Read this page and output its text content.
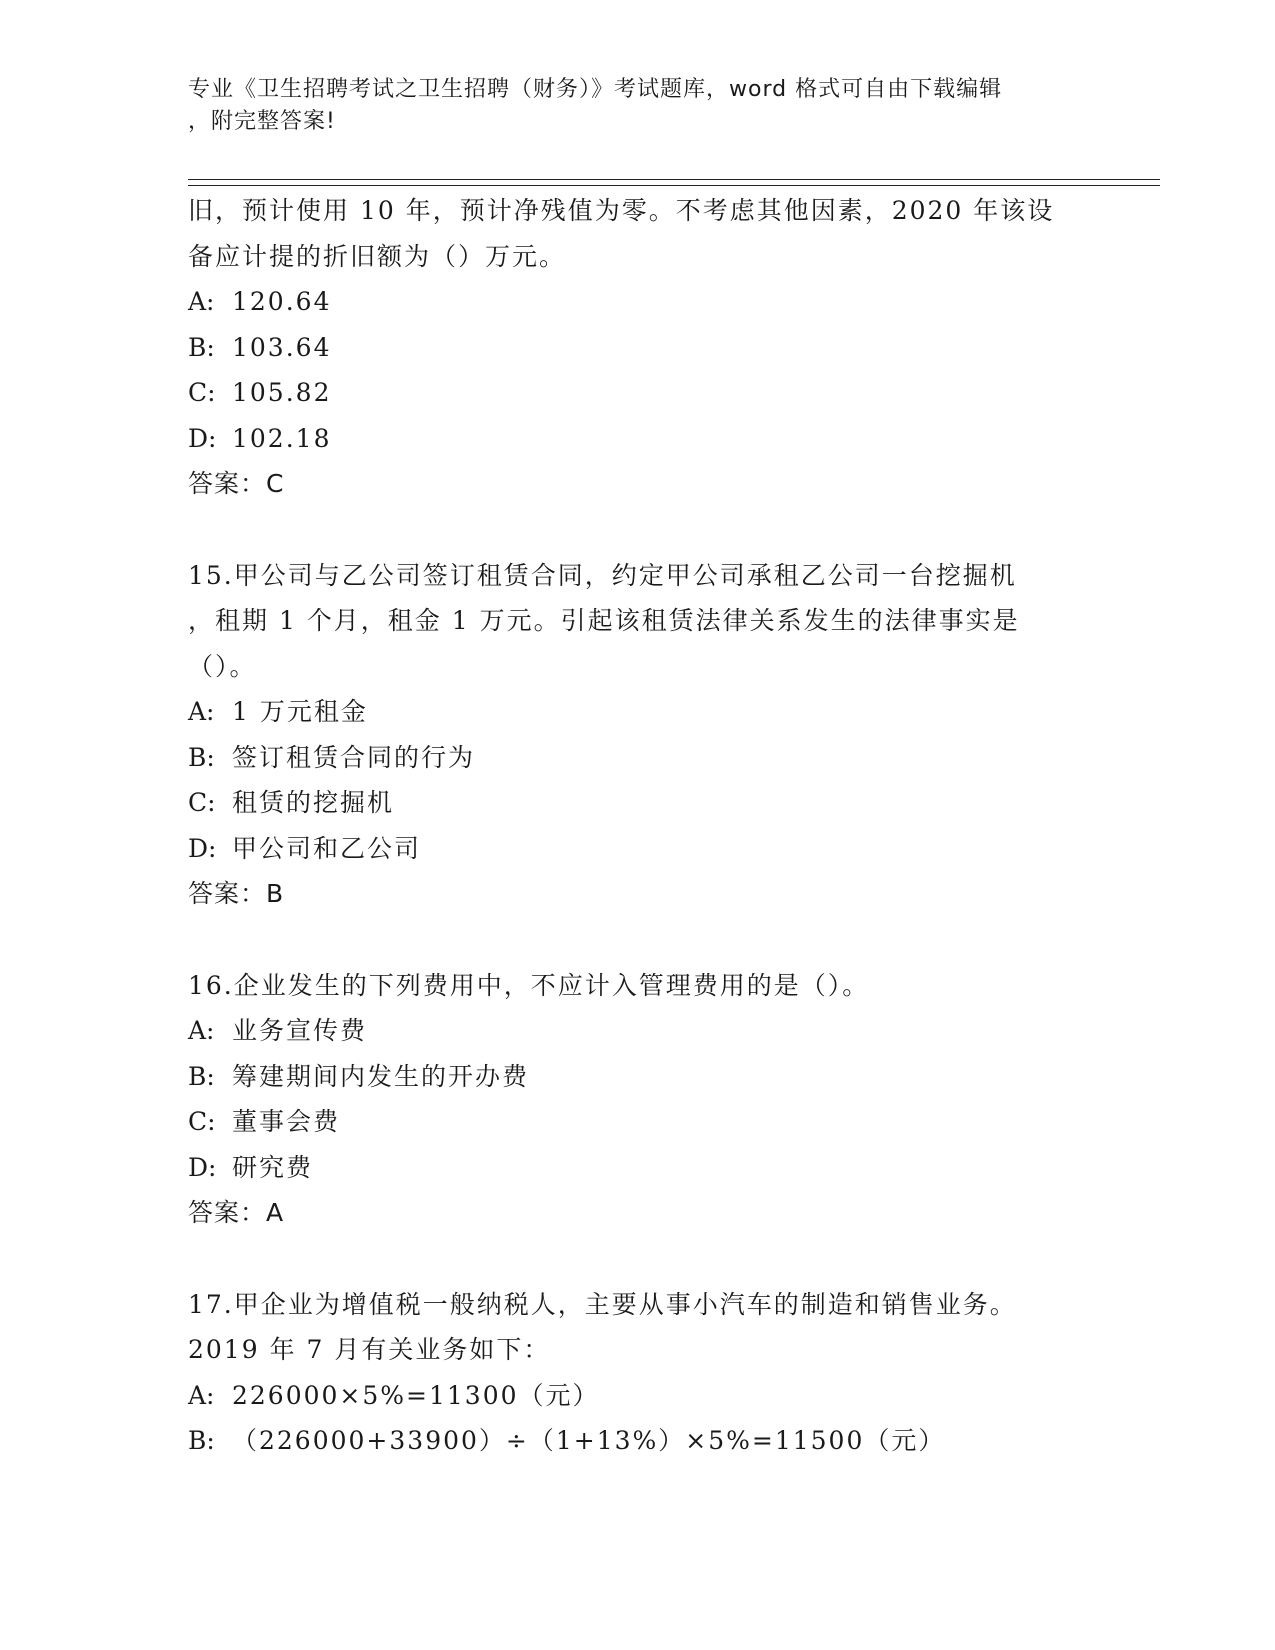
专业《卫生招聘考试之卫生招聘（财务）》考试题库，word 格式可自由下载编辑
，附完整答案!
旧，预计使用 10 年，预计净残值为零。不考虑其他因素，2020 年该设
备应计提的折旧额为（）万元。
A: 120.64
B: 103.64
C: 105.82
D: 102.18
答案：C
15.甲公司与乙公司签订租赁合同，约定甲公司承租乙公司一台挖掘机
，租期 1 个月，租金 1 万元。引起该租赁法律关系发生的法律事实是
（）。
A: 1 万元租金
B: 签订租赁合同的行为
C: 租赁的挖掘机
D: 甲公司和乙公司
答案：B
16.企业发生的下列费用中，不应计入管理费用的是（）。
A: 业务宣传费
B: 筹建期间内发生的开办费
C: 董事会费
D: 研究费
答案：A
17.甲企业为增值税一般纳税人，主要从事小汽车的制造和销售业务。
2019 年 7 月有关业务如下：
A: 226000×5%=11300（元）
B: （226000+33900）÷（1+13%）×5%=11500（元）
